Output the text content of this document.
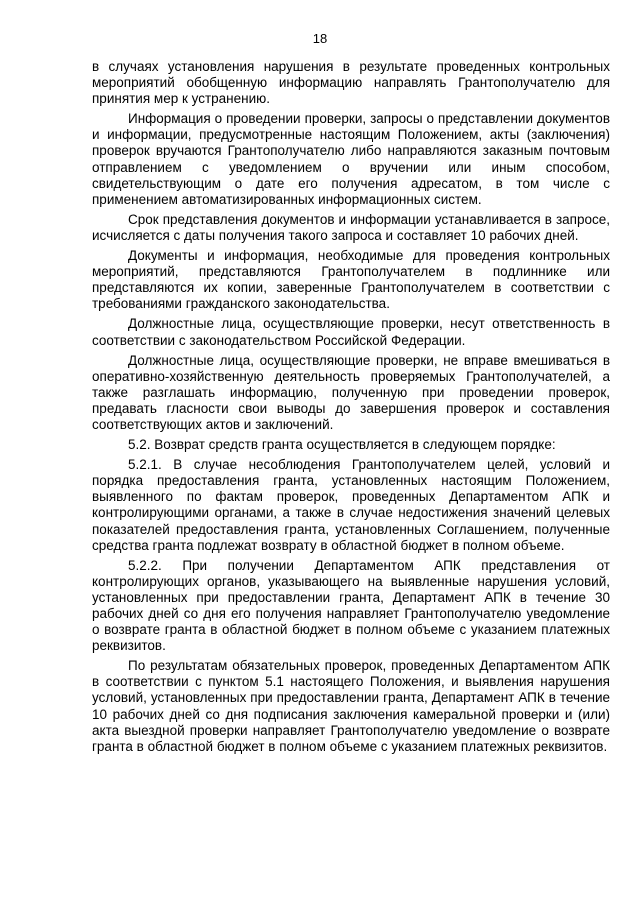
18

в случаях установления нарушения в результате проведенных контрольных мероприятий обобщенную информацию направлять Грантополучателю для принятия мер к устранению.

Информация о проведении проверки, запросы о представлении документов и информации, предусмотренные настоящим Положением, акты (заключения) проверок вручаются Грантополучателю либо направляются заказным почтовым отправлением с уведомлением о вручении или иным способом, свидетельствующим о дате его получения адресатом, в том числе с применением автоматизированных информационных систем.

Срок представления документов и информации устанавливается в запросе, исчисляется с даты получения такого запроса и составляет 10 рабочих дней.

Документы и информация, необходимые для проведения контрольных мероприятий, представляются Грантополучателем в подлиннике или представляются их копии, заверенные Грантополучателем в соответствии с требованиями гражданского законодательства.

Должностные лица, осуществляющие проверки, несут ответственность в соответствии с законодательством Российской Федерации.

Должностные лица, осуществляющие проверки, не вправе вмешиваться в оперативно-хозяйственную деятельность проверяемых Грантополучателей, а также разглашать информацию, полученную при проведении проверок, предавать гласности свои выводы до завершения проверок и составления соответствующих актов и заключений.

5.2. Возврат средств гранта осуществляется в следующем порядке:

5.2.1. В случае несоблюдения Грантополучателем целей, условий и порядка предоставления гранта, установленных настоящим Положением, выявленного по фактам проверок, проведенных Департаментом АПК и контролирующими органами, а также в случае недостижения значений целевых показателей предоставления гранта, установленных Соглашением, полученные средства гранта подлежат возврату в областной бюджет в полном объеме.

5.2.2. При получении Департаментом АПК представления от контролирующих органов, указывающего на выявленные нарушения условий, установленных при предоставлении гранта, Департамент АПК в течение 30 рабочих дней со дня его получения направляет Грантополучателю уведомление о возврате гранта в областной бюджет в полном объеме с указанием платежных реквизитов.

По результатам обязательных проверок, проведенных Департаментом АПК в соответствии с пунктом 5.1 настоящего Положения, и выявления нарушения условий, установленных при предоставлении гранта, Департамент АПК в течение 10 рабочих дней со дня подписания заключения камеральной проверки и (или) акта выездной проверки направляет Грантополучателю уведомление о возврате гранта в областной бюджет в полном объеме с указанием платежных реквизитов.
